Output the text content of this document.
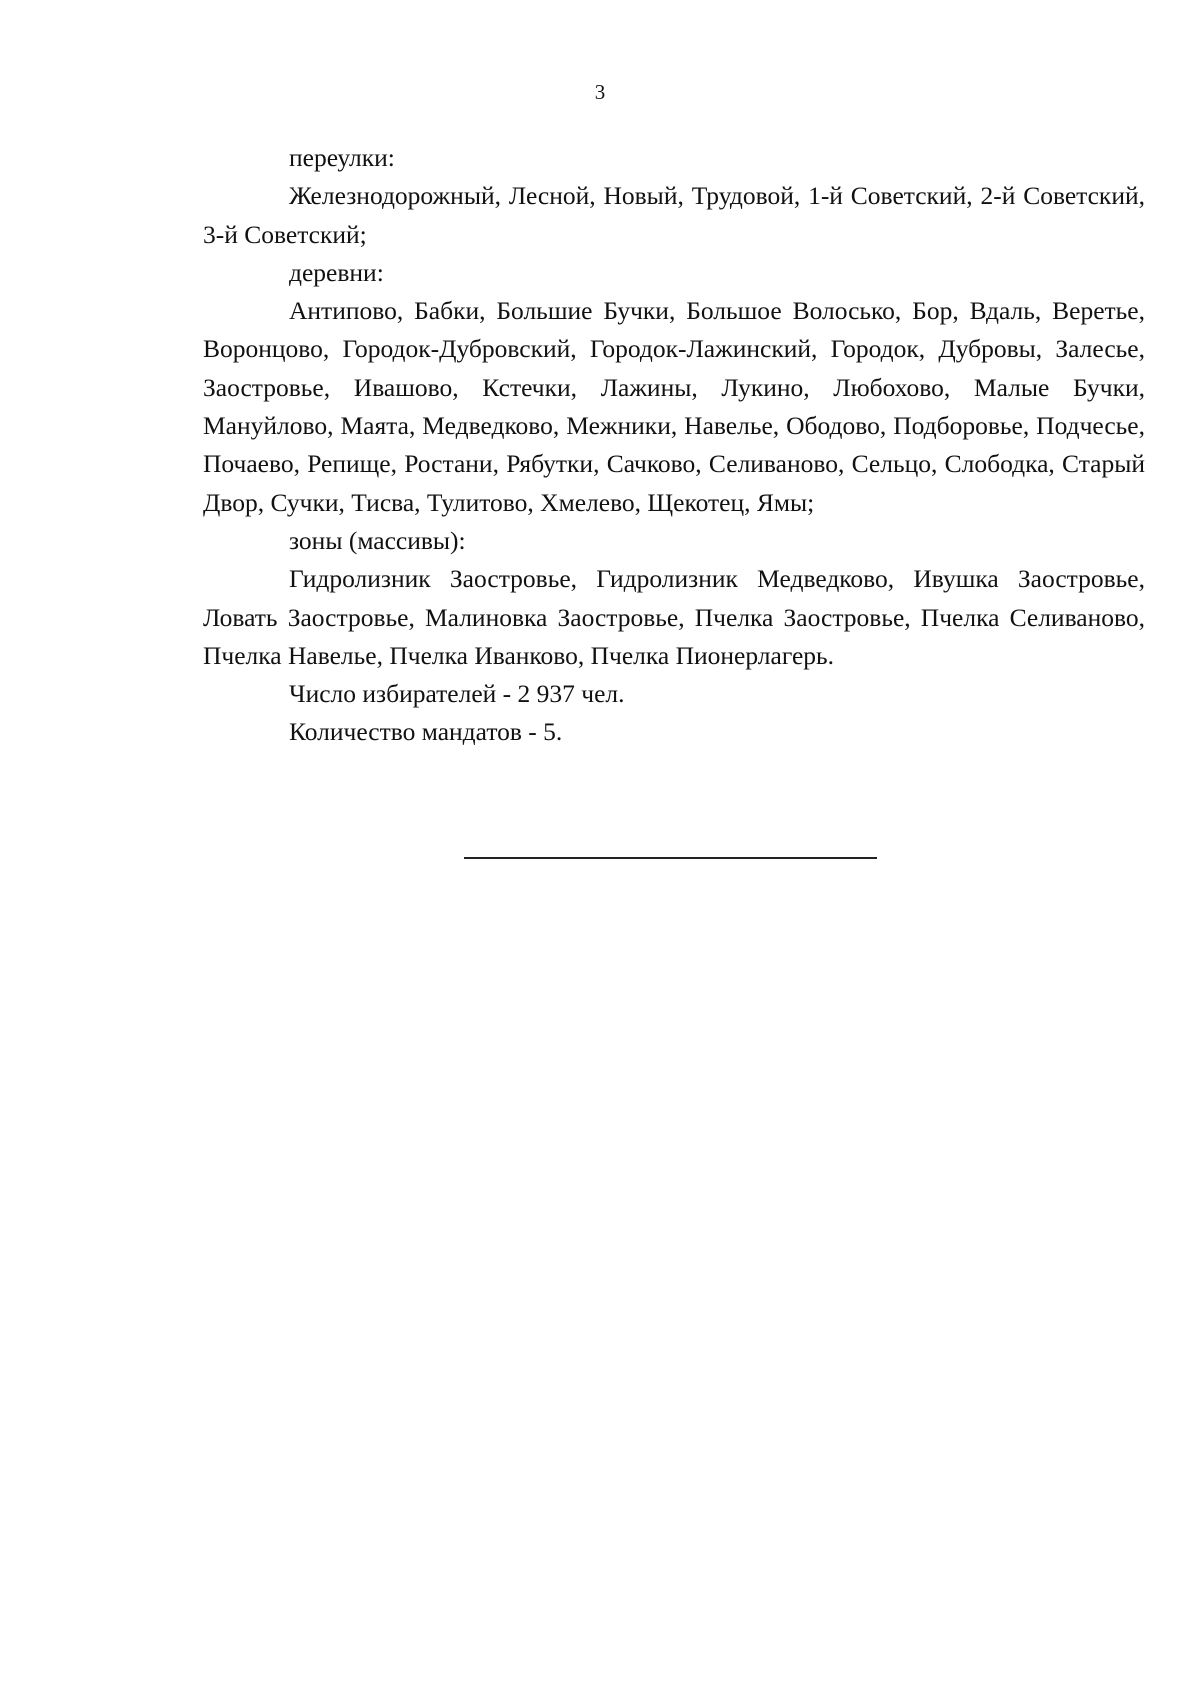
3

переулки:

Железнодорожный, Лесной, Новый, Трудовой, 1-й Советский, 2-й Советский, 3-й Советский;

деревни:

Антипово, Бабки, Большие Бучки, Большое Волосько, Бор, Вдаль, Веретье, Воронцово, Городок-Дубровский, Городок-Лажинский, Городок, Дубровы, Залесье, Заостровье, Ивашово, Кстечки, Лажины, Лукино, Любохово, Малые Бучки, Мануйлово, Маята, Медведково, Межники, Навелье, Ободово, Подборовье, Подчесье, Почаево, Репище, Ростани, Рябутки, Сачково, Селиваново, Сельцо, Слободка, Старый Двор, Сучки, Тисва, Тулитово, Хмелево, Щекотец, Ямы;

зоны (массивы):

Гидролизник Заостровье, Гидролизник Медведково, Ивушка Заостровье, Ловать Заостровье, Малиновка Заостровье, Пчелка Заостровье, Пчелка Селиваново, Пчелка Навелье, Пчелка Иванково, Пчелка Пионерлагерь.

Число избирателей - 2 937 чел.

Количество мандатов - 5.
